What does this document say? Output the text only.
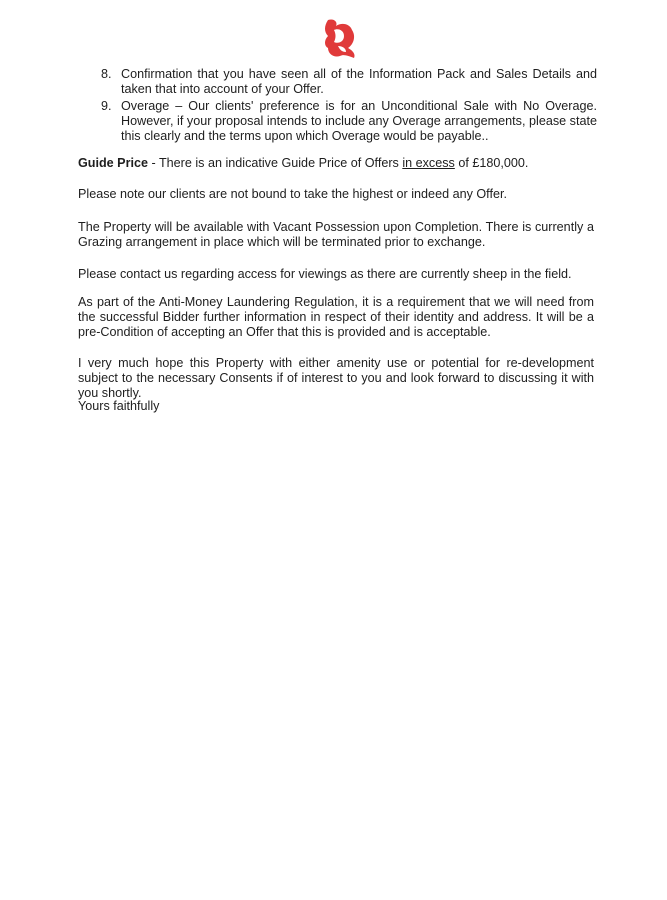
8. Confirmation that you have seen all of the Information Pack and Sales Details and taken that into account of your Offer.
9. Overage – Our clients' preference is for an Unconditional Sale with No Overage. However, if your proposal intends to include any Overage arrangements, please state this clearly and the terms upon which Overage would be payable..

Guide Price - There is an indicative Guide Price of Offers in excess of £180,000.

Please note our clients are not bound to take the highest or indeed any Offer.

The Property will be available with Vacant Possession upon Completion. There is currently a Grazing arrangement in place which will be terminated prior to exchange.

Please contact us regarding access for viewings as there are currently sheep in the field.

As part of the Anti-Money Laundering Regulation, it is a requirement that we will need from the successful Bidder further information in respect of their identity and address. It will be a pre-Condition of accepting an Offer that this is provided and is acceptable.

I very much hope this Property with either amenity use or potential for re-development subject to the necessary Consents if of interest to you and look forward to discussing it with you shortly.

Yours faithfully
